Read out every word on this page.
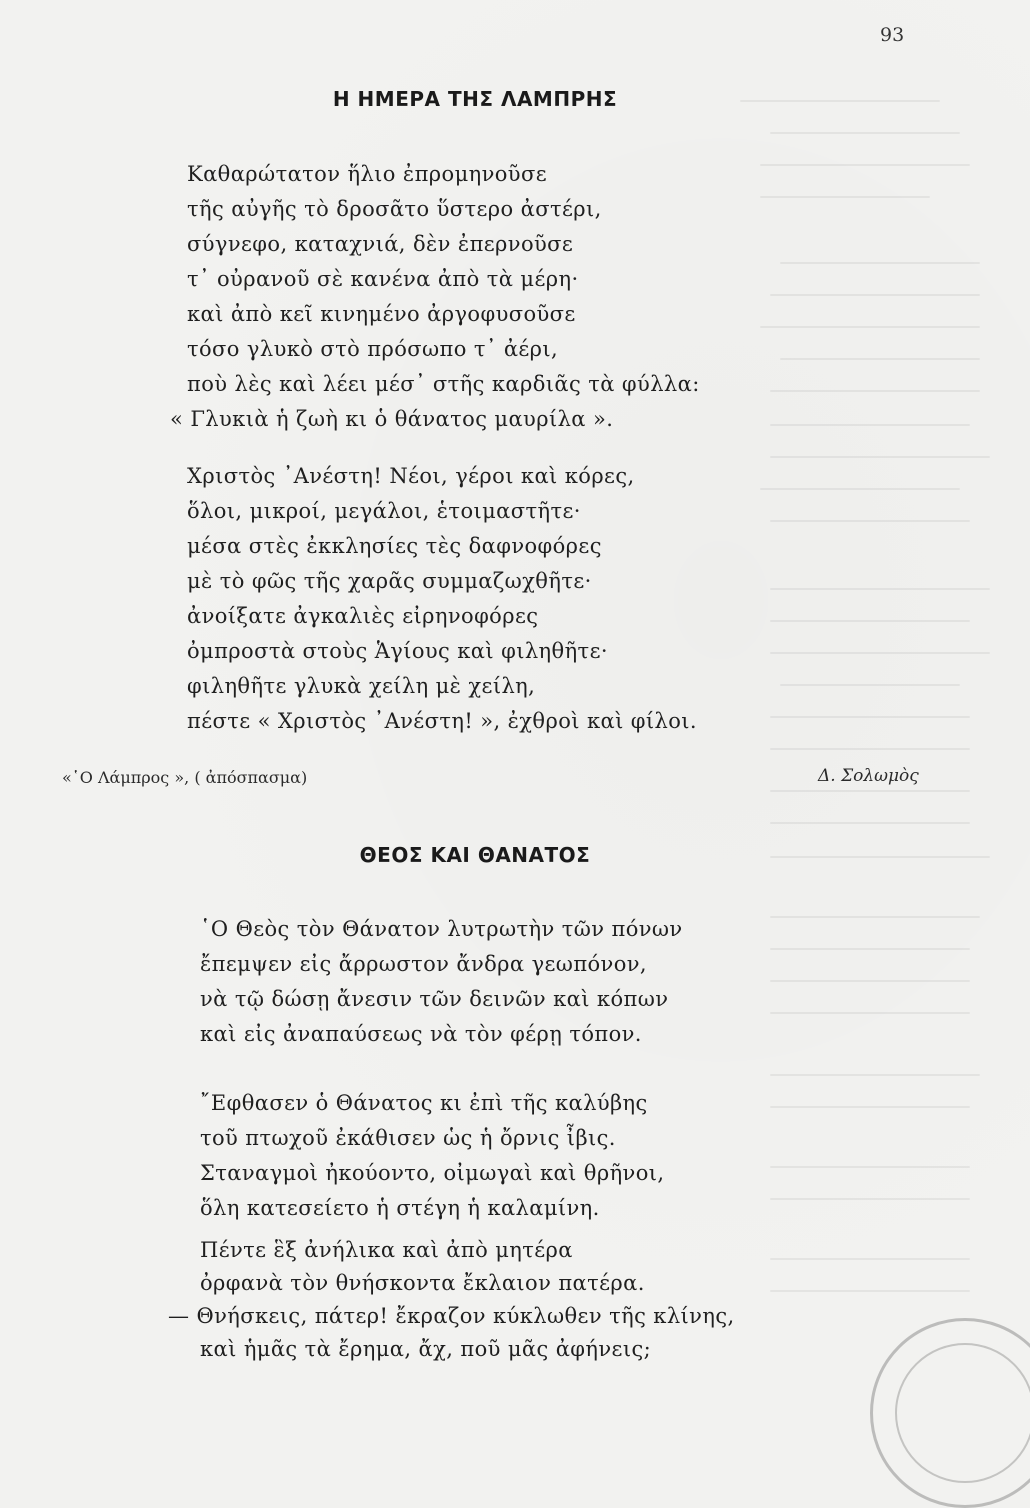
93
Η ΗΜΕΡΑ ΤΗΣ ΛΑΜΠΡΗΣ
Καθαρώτατον ἥλιο ἐπρομηνοῦσε
τῆς αὐγῆς τὸ δροσᾶτο ὕστερο ἀστέρι,
σύγνεφο, καταχνιά, δὲν ἐπερνοῦσε
τ᾽ οὐρανοῦ σὲ κανένα ἀπὸ τὰ μέρη·
καὶ ἀπὸ κεῖ κινημένο ἀργοφυσοῦσε
τόσο γλυκὸ στὸ πρόσωπο τ᾽ ἀέρι,
ποὺ λὲς καὶ λέει μέσ᾽ στῆς καρδιᾶς τὰ φύλλα:
« Γλυκιὰ ἡ ζωὴ κι ὁ θάνατος μαυρίλα ».
Χριστὸς ᾽Ανέστη! Νέοι, γέροι καὶ κόρες,
ὅλοι, μικροί, μεγάλοι, ἑτοιμαστῆτε·
μέσα στὲς ἐκκλησίες τὲς δαφνοφόρες
μὲ τὸ φῶς τῆς χαρᾶς συμμαζωχθῆτε·
ἀνοίξατε ἀγκαλιὲς εἰρηνοφόρες
ὀμπροστὰ στοὺς Ἁγίους καὶ φιληθῆτε·
φιληθῆτε γλυκὰ χείλη μὲ χείλη,
πέστε « Χριστὸς ᾽Ανέστη! », ἐχθροὶ καὶ φίλοι.
«῾Ο Λάμπρος », ( ἀπόσπασμα)	Δ. Σολωμὸς
ΘΕΟΣ ΚΑΙ ΘΑΝΑΤΟΣ
῾Ο Θεὸς τὸν Θάνατον λυτρωτὴν τῶν πόνων
ἔπεμψεν εἰς ἄρρωστον ἄνδρα γεωπόνον,
νὰ τῷ δώσῃ ἄνεσιν τῶν δεινῶν καὶ κόπων
καὶ εἰς ἀναπαύσεως νὰ τὸν φέρῃ τόπον.
῎Εφθασεν ὁ Θάνατος κι ἐπὶ τῆς καλύβης
τοῦ πτωχοῦ ἐκάθισεν ὡς ἡ ὄρνις ἶβις.
Σταναγμοὶ ἠκούοντο, οἰμωγαὶ καὶ θρῆνοι,
ὅλη κατεσείετο ἡ στέγη ἡ καλαμίνη.
Πέντε ἓξ ἀνήλικα καὶ ἀπὸ μητέρα
ὀρφανὰ τὸν θνήσκοντα ἔκλαιον πατέρα.
— Θνήσκεις, πάτερ! ἔκραζον κύκλωθεν τῆς κλίνης,
καὶ ἡμᾶς τὰ ἔρημα, ἄχ, ποῦ μᾶς ἀφήνεις;
